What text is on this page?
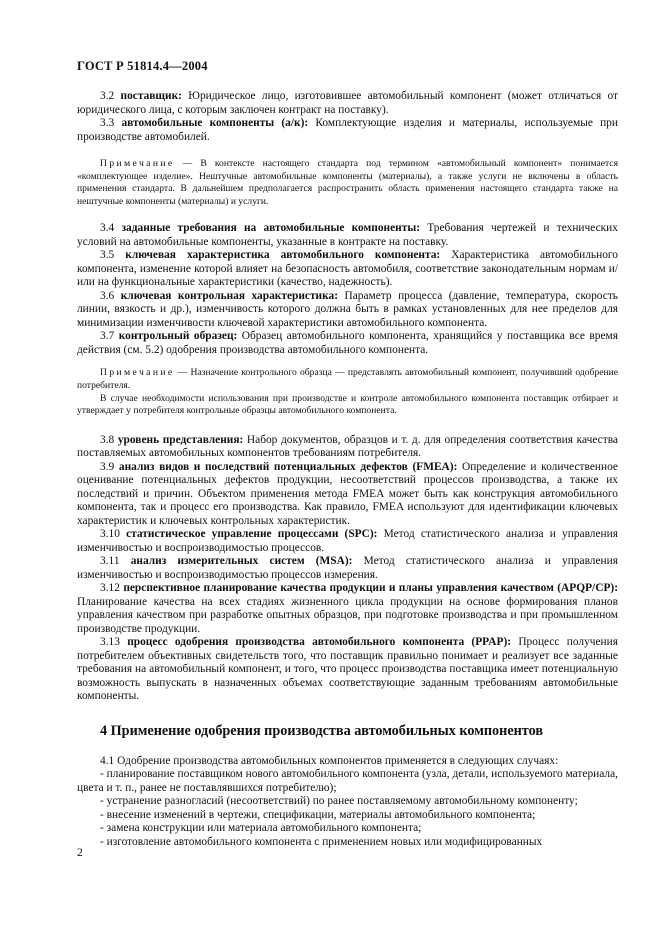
ГОСТ Р 51814.4—2004

3.2 поставщик: Юридическое лицо, изготовившее автомобильный компонент (может отличаться от юридического лица, с которым заключен контракт на поставку).

3.3 автомобильные компоненты (а/к): Комплектующие изделия и материалы, используемые при производстве автомобилей.

Примечание — В контексте настоящего стандарта под термином «автомобильный компонент» понимается «комплектующее изделие». Нештучные автомобильные компоненты (материалы), а также услуги не включены в область применения стандарта. В дальнейшем предполагается распространить область применения настоящего стандарта также на нештучные компоненты (материалы) и услуги.

3.4 заданные требования на автомобильные компоненты: Требования чертежей и технических условий на автомобильные компоненты, указанные в контракте на поставку.

3.5 ключевая характеристика автомобильного компонента: Характеристика автомобильного компонента, изменение которой влияет на безопасность автомобиля, соответствие законодательным нормам и/или на функциональные характеристики (качество, надежность).

3.6 ключевая контрольная характеристика: Параметр процесса (давление, температура, скорость линии, вязкость и др.), изменчивость которого должна быть в рамках установленных для нее пределов для минимизации изменчивости ключевой характеристики автомобильного компонента.

3.7 контрольный образец: Образец автомобильного компонента, хранящийся у поставщика все время действия (см. 5.2) одобрения производства автомобильного компонента.

Примечание — Назначение контрольного образца — представлять автомобильный компонент, получивший одобрение потребителя.

В случае необходимости использования при производстве и контроле автомобильного компонента поставщик отбирает и утверждает у потребителя контрольные образцы автомобильного компонента.

3.8 уровень представления: Набор документов, образцов и т. д. для определения соответствия качества поставляемых автомобильных компонентов требованиям потребителя.

3.9 анализ видов и последствий потенциальных дефектов (FMEA): Определение и количественное оценивание потенциальных дефектов продукции, несоответствий процессов производства, а также их последствий и причин. Объектом применения метода FMEA может быть как конструкция автомобильного компонента, так и процесс его производства. Как правило, FMEA используют для идентификации ключевых характеристик и ключевых контрольных характеристик.

3.10 статистическое управление процессами (SPC): Метод статистического анализа и управления изменчивостью и воспроизводимостью процессов.

3.11 анализ измерительных систем (MSA): Метод статистического анализа и управления изменчивостью и воспроизводимостью процессов измерения.

3.12 перспективное планирование качества продукции и планы управления качеством (APQP/CP): Планирование качества на всех стадиях жизненного цикла продукции на основе формирования планов управления качеством при разработке опытных образцов, при подготовке производства и при промышленном производстве продукции.

3.13 процесс одобрения производства автомобильного компонента (PPAP): Процесс получения потребителем объективных свидетельств того, что поставщик правильно понимает и реализует все заданные требования на автомобильный компонент, и того, что процесс производства поставщика имеет потенциальную возможность выпускать в назначенных объемах соответствующие заданным требованиям автомобильные компоненты.

4 Применение одобрения производства автомобильных компонентов

4.1 Одобрение производства автомобильных компонентов применяется в следующих случаях:

- планирование поставщиком нового автомобильного компонента (узла, детали, используемого материала, цвета и т. п., ранее не поставлявшихся потребителю);

- устранение разногласий (несоответствий) по ранее поставляемому автомобильному компоненту;

- внесение изменений в чертежи, спецификации, материалы автомобильного компонента;

- замена конструкции или материала автомобильного компонента;

- изготовление автомобильного компонента с применением новых или модифицированных

2
